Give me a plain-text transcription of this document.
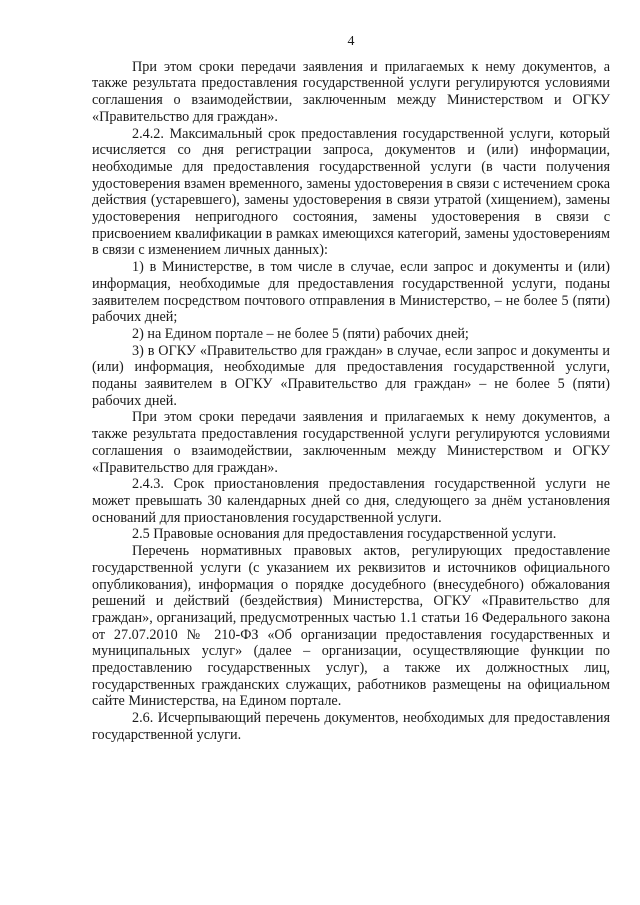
4

При этом сроки передачи заявления и прилагаемых к нему документов, а также результата предоставления государственной услуги регулируются условиями соглашения о взаимодействии, заключенным между Министерством и ОГКУ «Правительство для граждан».

2.4.2. Максимальный срок предоставления государственной услуги, который исчисляется со дня регистрации запроса, документов и (или) информации, необходимые для предоставления государственной услуги (в части получения удостоверения взамен временного, замены удостоверения в связи с истечением срока действия (устаревшего), замены удостоверения в связи утратой (хищением), замены удостоверения непригодного состояния, замены удостоверения в связи с присвоением квалификации в рамках имеющихся категорий, замены удостоверениям в связи с изменением личных данных):

1) в Министерстве, в том числе в случае, если запрос и документы и (или) информация, необходимые для предоставления государственной услуги, поданы заявителем посредством почтового отправления в Министерство, – не более 5 (пяти) рабочих дней;

2) на Едином портале – не более 5 (пяти) рабочих дней;

3) в ОГКУ «Правительство для граждан» в случае, если запрос и документы и (или) информация, необходимые для предоставления государственной услуги, поданы заявителем в ОГКУ «Правительство для граждан» – не более 5 (пяти) рабочих дней.

При этом сроки передачи заявления и прилагаемых к нему документов, а также результата предоставления государственной услуги регулируются условиями соглашения о взаимодействии, заключенным между Министерством и ОГКУ «Правительство для граждан».

2.4.3. Срок приостановления предоставления государственной услуги не может превышать 30 календарных дней со дня, следующего за днём установления оснований для приостановления государственной услуги.

2.5 Правовые основания для предоставления государственной услуги.

Перечень нормативных правовых актов, регулирующих предоставление государственной услуги (с указанием их реквизитов и источников официального опубликования), информация о порядке досудебного (внесудебного) обжалования решений и действий (бездействия) Министерства, ОГКУ «Правительство для граждан», организаций, предусмотренных частью 1.1 статьи 16 Федерального закона от 27.07.2010 № 210-ФЗ «Об организации предоставления государственных и муниципальных услуг» (далее – организации, осуществляющие функции по предоставлению государственных услуг), а также их должностных лиц, государственных гражданских служащих, работников размещены на официальном сайте Министерства, на Едином портале.

2.6. Исчерпывающий перечень документов, необходимых для предоставления государственной услуги.
